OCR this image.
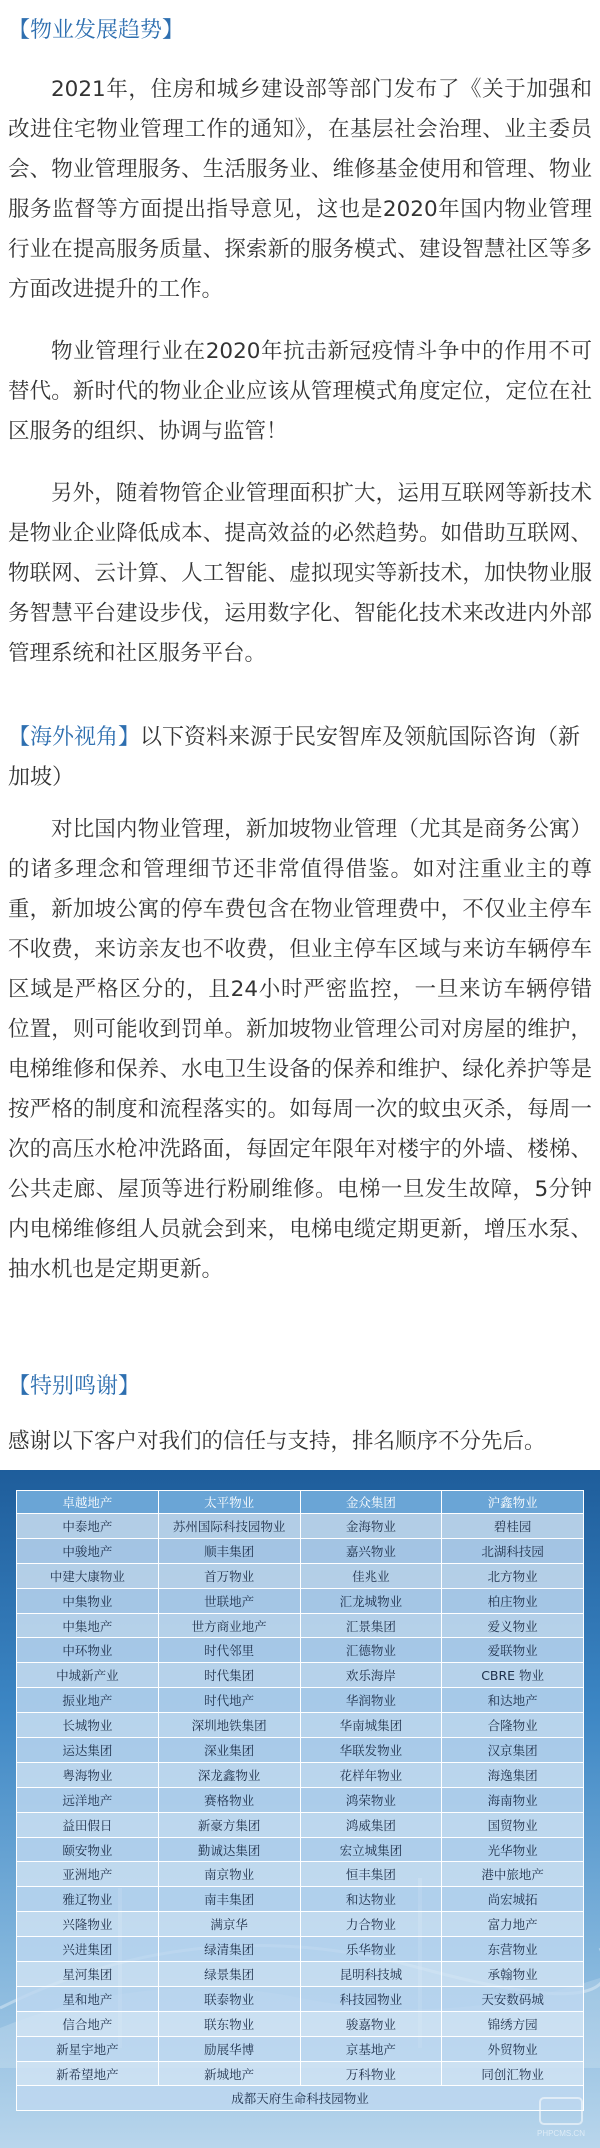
【物业发展趋势】
2021年，住房和城乡建设部等部门发布了《关于加强和改进住宅物业管理工作的通知》，在基层社会治理、业主委员会、物业管理服务、生活服务业、维修基金使用和管理、物业服务监督等方面提出指导意见，这也是2020年国内物业管理行业在提高服务质量、探索新的服务模式、建设智慧社区等多方面改进提升的工作。
物业管理行业在2020年抗击新冠疫情斗争中的作用不可替代。新时代的物业企业应该从管理模式角度定位，定位在社区服务的组织、协调与监管！
另外，随着物管企业管理面积扩大，运用互联网等新技术是物业企业降低成本、提高效益的必然趋势。如借助互联网、物联网、云计算、人工智能、虚拟现实等新技术，加快物业服务智慧平台建设步伐，运用数字化、智能化技术来改进内外部管理系统和社区服务平台。
【海外视角】以下资料来源于民安智库及领航国际咨询（新加坡）
对比国内物业管理，新加坡物业管理（尤其是商务公寓）的诸多理念和管理细节还非常值得借鉴。如对注重业主的尊重，新加坡公寓的停车费包含在物业管理费中，不仅业主停车不收费，来访亲友也不收费，但业主停车区域与来访车辆停车区域是严格区分的，且24小时严密监控，一旦来访车辆停错位置，则可能收到罚单。新加坡物业管理公司对房屋的维护，电梯维修和保养、水电卫生设备的保养和维护、绿化养护等是按严格的制度和流程落实的。如每周一次的蚊虫灭杀，每周一次的高压水枪冲洗路面，每固定年限年对楼宇的外墙、楼梯、公共走廊、屋顶等进行粉刷维修。电梯一旦发生故障，5分钟内电梯维修组人员就会到来，电梯电缆定期更新，增压水泵、抽水机也是定期更新。
【特别鸣谢】
感谢以下客户对我们的信任与支持，排名顺序不分先后。
卓越地产	太平物业	金众集团	沪鑫物业
中泰地产	苏州国际科技园物业	金海物业	碧桂园
中骏地产	顺丰集团	嘉兴物业	北湖科技园
中建大康物业	首万物业	佳兆业	北方物业
中集物业	世联地产	汇龙城物业	柏庄物业
中集地产	世方商业地产	汇景集团	爱义物业
中环物业	时代邻里	汇德物业	爱联物业
中城新产业	时代集团	欢乐海岸	CBRE 物业
振业地产	时代地产	华润物业	和达地产
长城物业	深圳地铁集团	华南城集团	合隆物业
运达集团	深业集团	华联发物业	汉京集团
粤海物业	深龙鑫物业	花样年物业	海逸集团
远洋地产	赛格物业	鸿荣物业	海南物业
益田假日	新豪方集团	鸿威集团	国贸物业
颐安物业	勤诚达集团	宏立城集团	光华物业
亚洲地产	南京物业	恒丰集团	港中旅地产
雅辽物业	南丰集团	和达物业	尚宏城拓
兴隆物业	满京华	力合物业	富力地产
兴进集团	绿清集团	乐华物业	东营物业
星河集团	绿景集团	昆明科技城	承翰物业
星和地产	联泰物业	科技园物业	天安数码城
信合地产	联东物业	骏嘉物业	锦绣方园
新星宇地产	励展华博	京基地产	外贸物业
新希望地产	新城地产	万科物业	同创汇物业
成都天府生命科技园物业			
PHPCMS.CN
